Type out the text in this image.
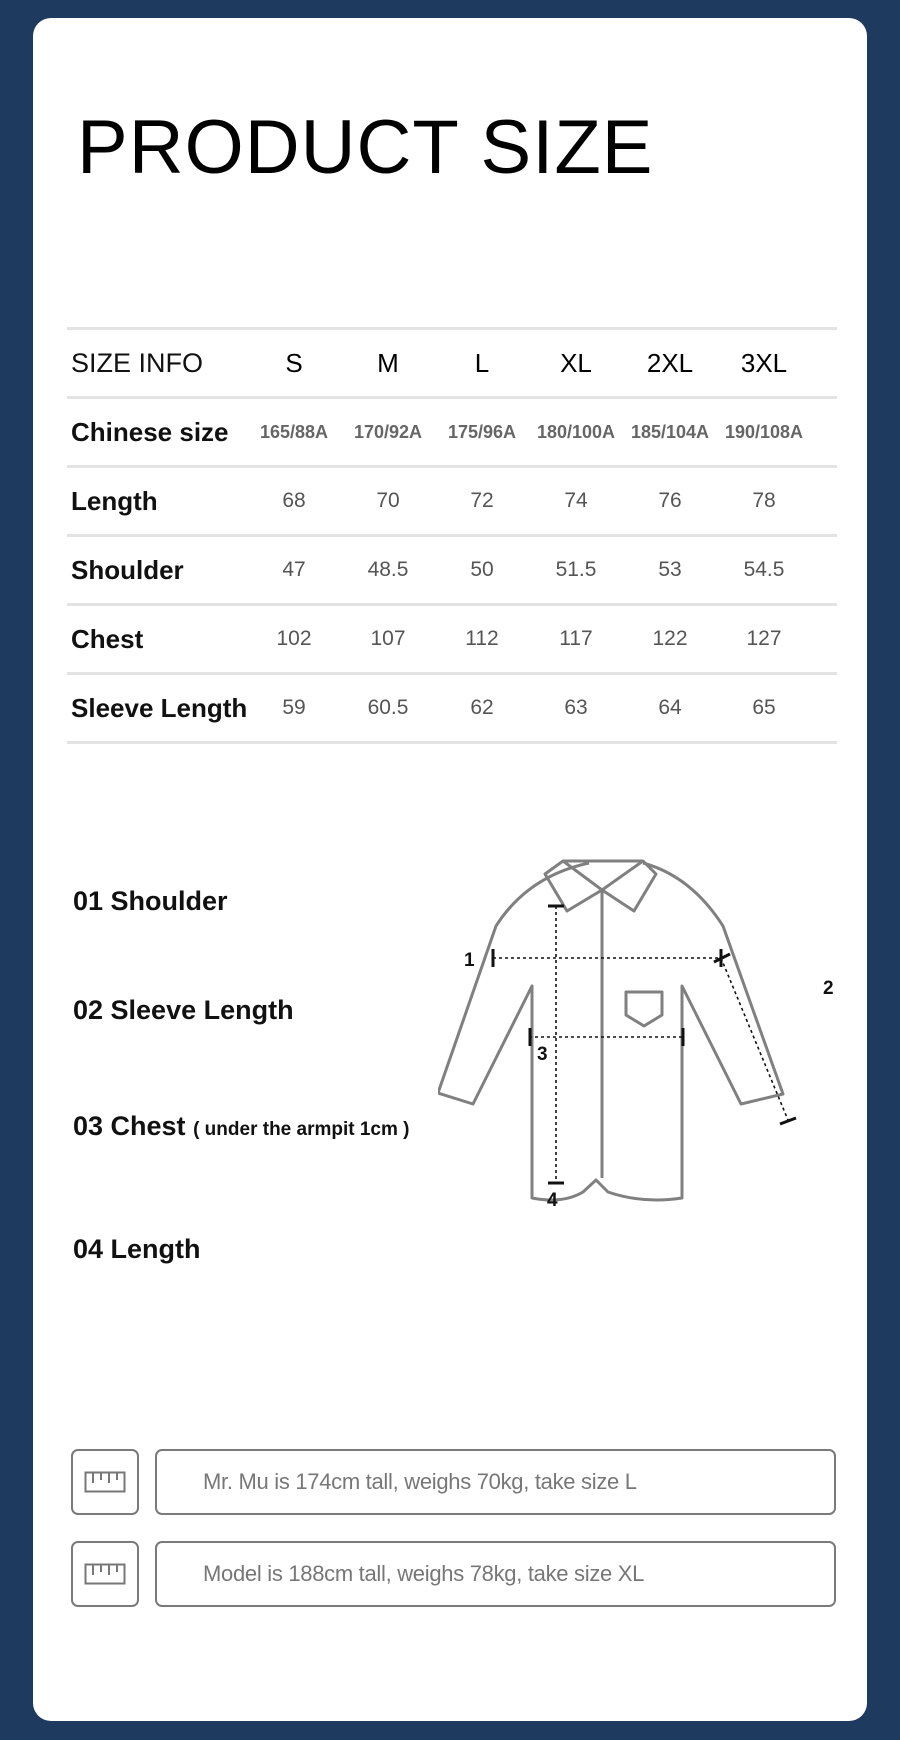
PRODUCT SIZE
SIZE INFO	S	M	L	XL	2XL	3XL
Chinese size	165/88A	170/92A	175/96A	180/100A 185/104A 190/108A
Length	68	70	72	74	76	78
Shoulder	47	48.5	50	51.5	53	54.5
Chest	102	107	112	117	122	127
Sleeve Length	59	60.5	62	63	64	65

01 Shoulder

02 Sleeve Length

03 Chest ( under the armpit 1cm )

04 Length

1
2
3
4
Mr. Mu is 174cm tall, weighs 70kg, take size L
Model is 188cm tall, weighs 78kg, take size XL
